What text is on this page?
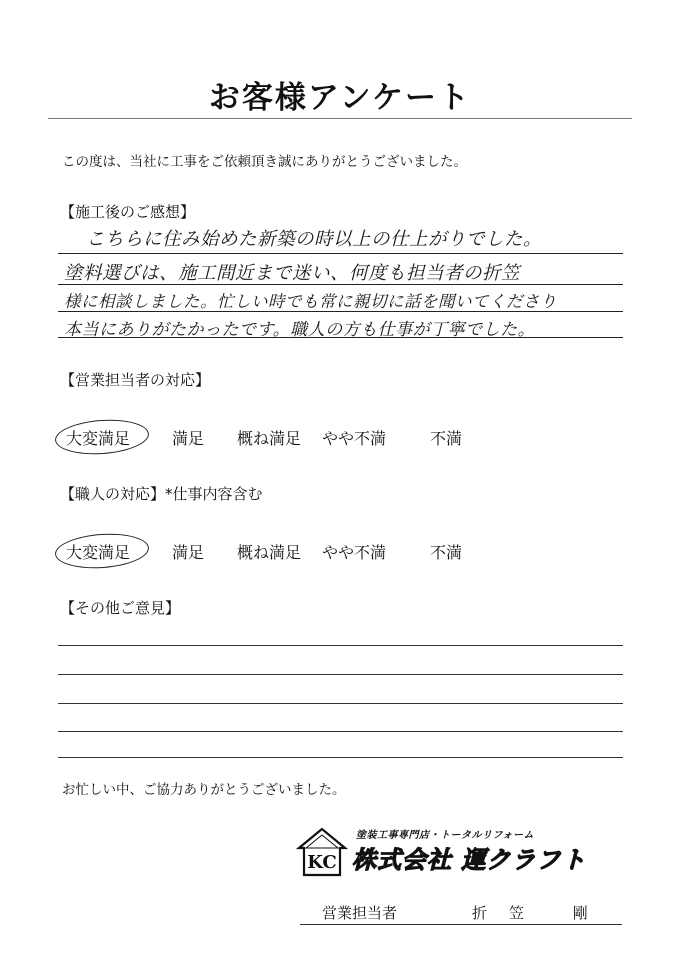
お客様アンケート
この度は、当社に工事をご依頼頂き誠にありがとうございました。
【施工後のご感想】
こちらに住み始めた新築の時以上の仕上がりでした。
塗料選びは、施工間近まで迷い、何度も担当者の折笠
様に相談しました。忙しい時でも常に親切に話を聞いてくださり
本当にありがたかったです。職人の方も仕事が丁寧でした。
【営業担当者の対応】
大変満足	満足 概ね満足 やや不満	不満
【職人の対応】*仕事内容含む
大変満足	満足 概ね満足 やや不満	不満
【その他ご意見】
お忙しい中、ご協力ありがとうございました。
KC
塗装工事専門店・トータルリフォーム
株式会社 運クラフト
営業担当者	折笠 剛
